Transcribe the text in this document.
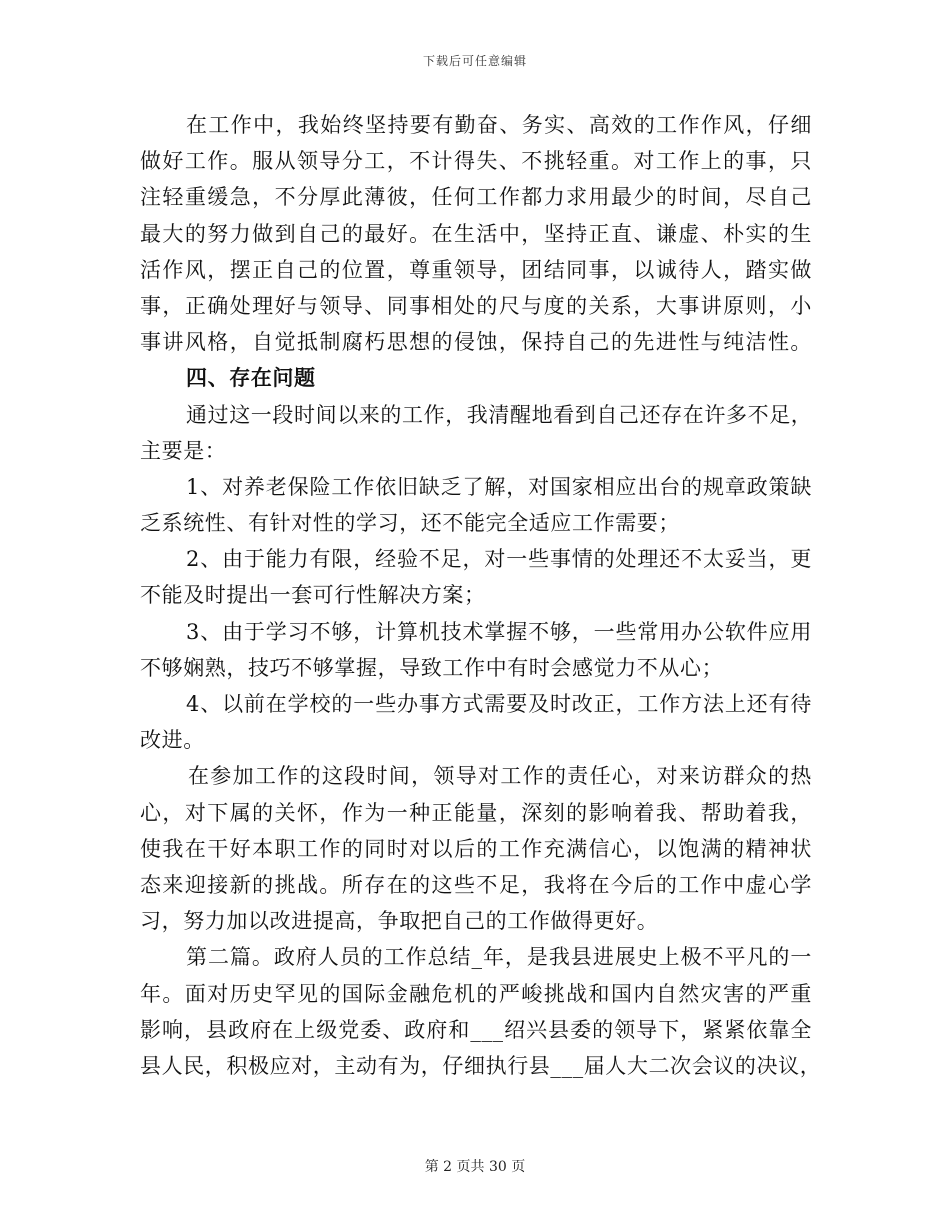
下载后可任意编辑
在工作中，我始终坚持要有勤奋、务实、高效的工作作风，仔细
做好工作。服从领导分工，不计得失、不挑轻重。对工作上的事，只
注轻重缓急，不分厚此薄彼，任何工作都力求用最少的时间，尽自己
最大的努力做到自己的最好。在生活中，坚持正直、谦虚、朴实的生
活作风，摆正自己的位置，尊重领导，团结同事，以诚待人，踏实做
事，正确处理好与领导、同事相处的尺与度的关系，大事讲原则，小
事讲风格，自觉抵制腐朽思想的侵蚀，保持自己的先进性与纯洁性。
四、存在问题
通过这一段时间以来的工作，我清醒地看到自己还存在许多不足，
主要是：
1、对养老保险工作依旧缺乏了解，对国家相应出台的规章政策缺
乏系统性、有针对性的学习，还不能完全适应工作需要；
2、由于能力有限，经验不足，对一些事情的处理还不太妥当，更
不能及时提出一套可行性解决方案；
3、由于学习不够，计算机技术掌握不够，一些常用办公软件应用
不够娴熟，技巧不够掌握，导致工作中有时会感觉力不从心；
4、以前在学校的一些办事方式需要及时改正，工作方法上还有待
改进。
在参加工作的这段时间，领导对工作的责任心，对来访群众的热
心，对下属的关怀，作为一种正能量，深刻的影响着我、帮助着我，
使我在干好本职工作的同时对以后的工作充满信心，以饱满的精神状
态来迎接新的挑战。所存在的这些不足，我将在今后的工作中虚心学
习，努力加以改进提高，争取把自己的工作做得更好。
第二篇。政府人员的工作总结_年，是我县进展史上极不平凡的一
年。面对历史罕见的国际金融危机的严峻挑战和国内自然灾害的严重
影响，县政府在上级党委、政府和___绍兴县委的领导下，紧紧依靠全
县人民，积极应对，主动有为，仔细执行县___届人大二次会议的决议，
第 2 页共 30 页
